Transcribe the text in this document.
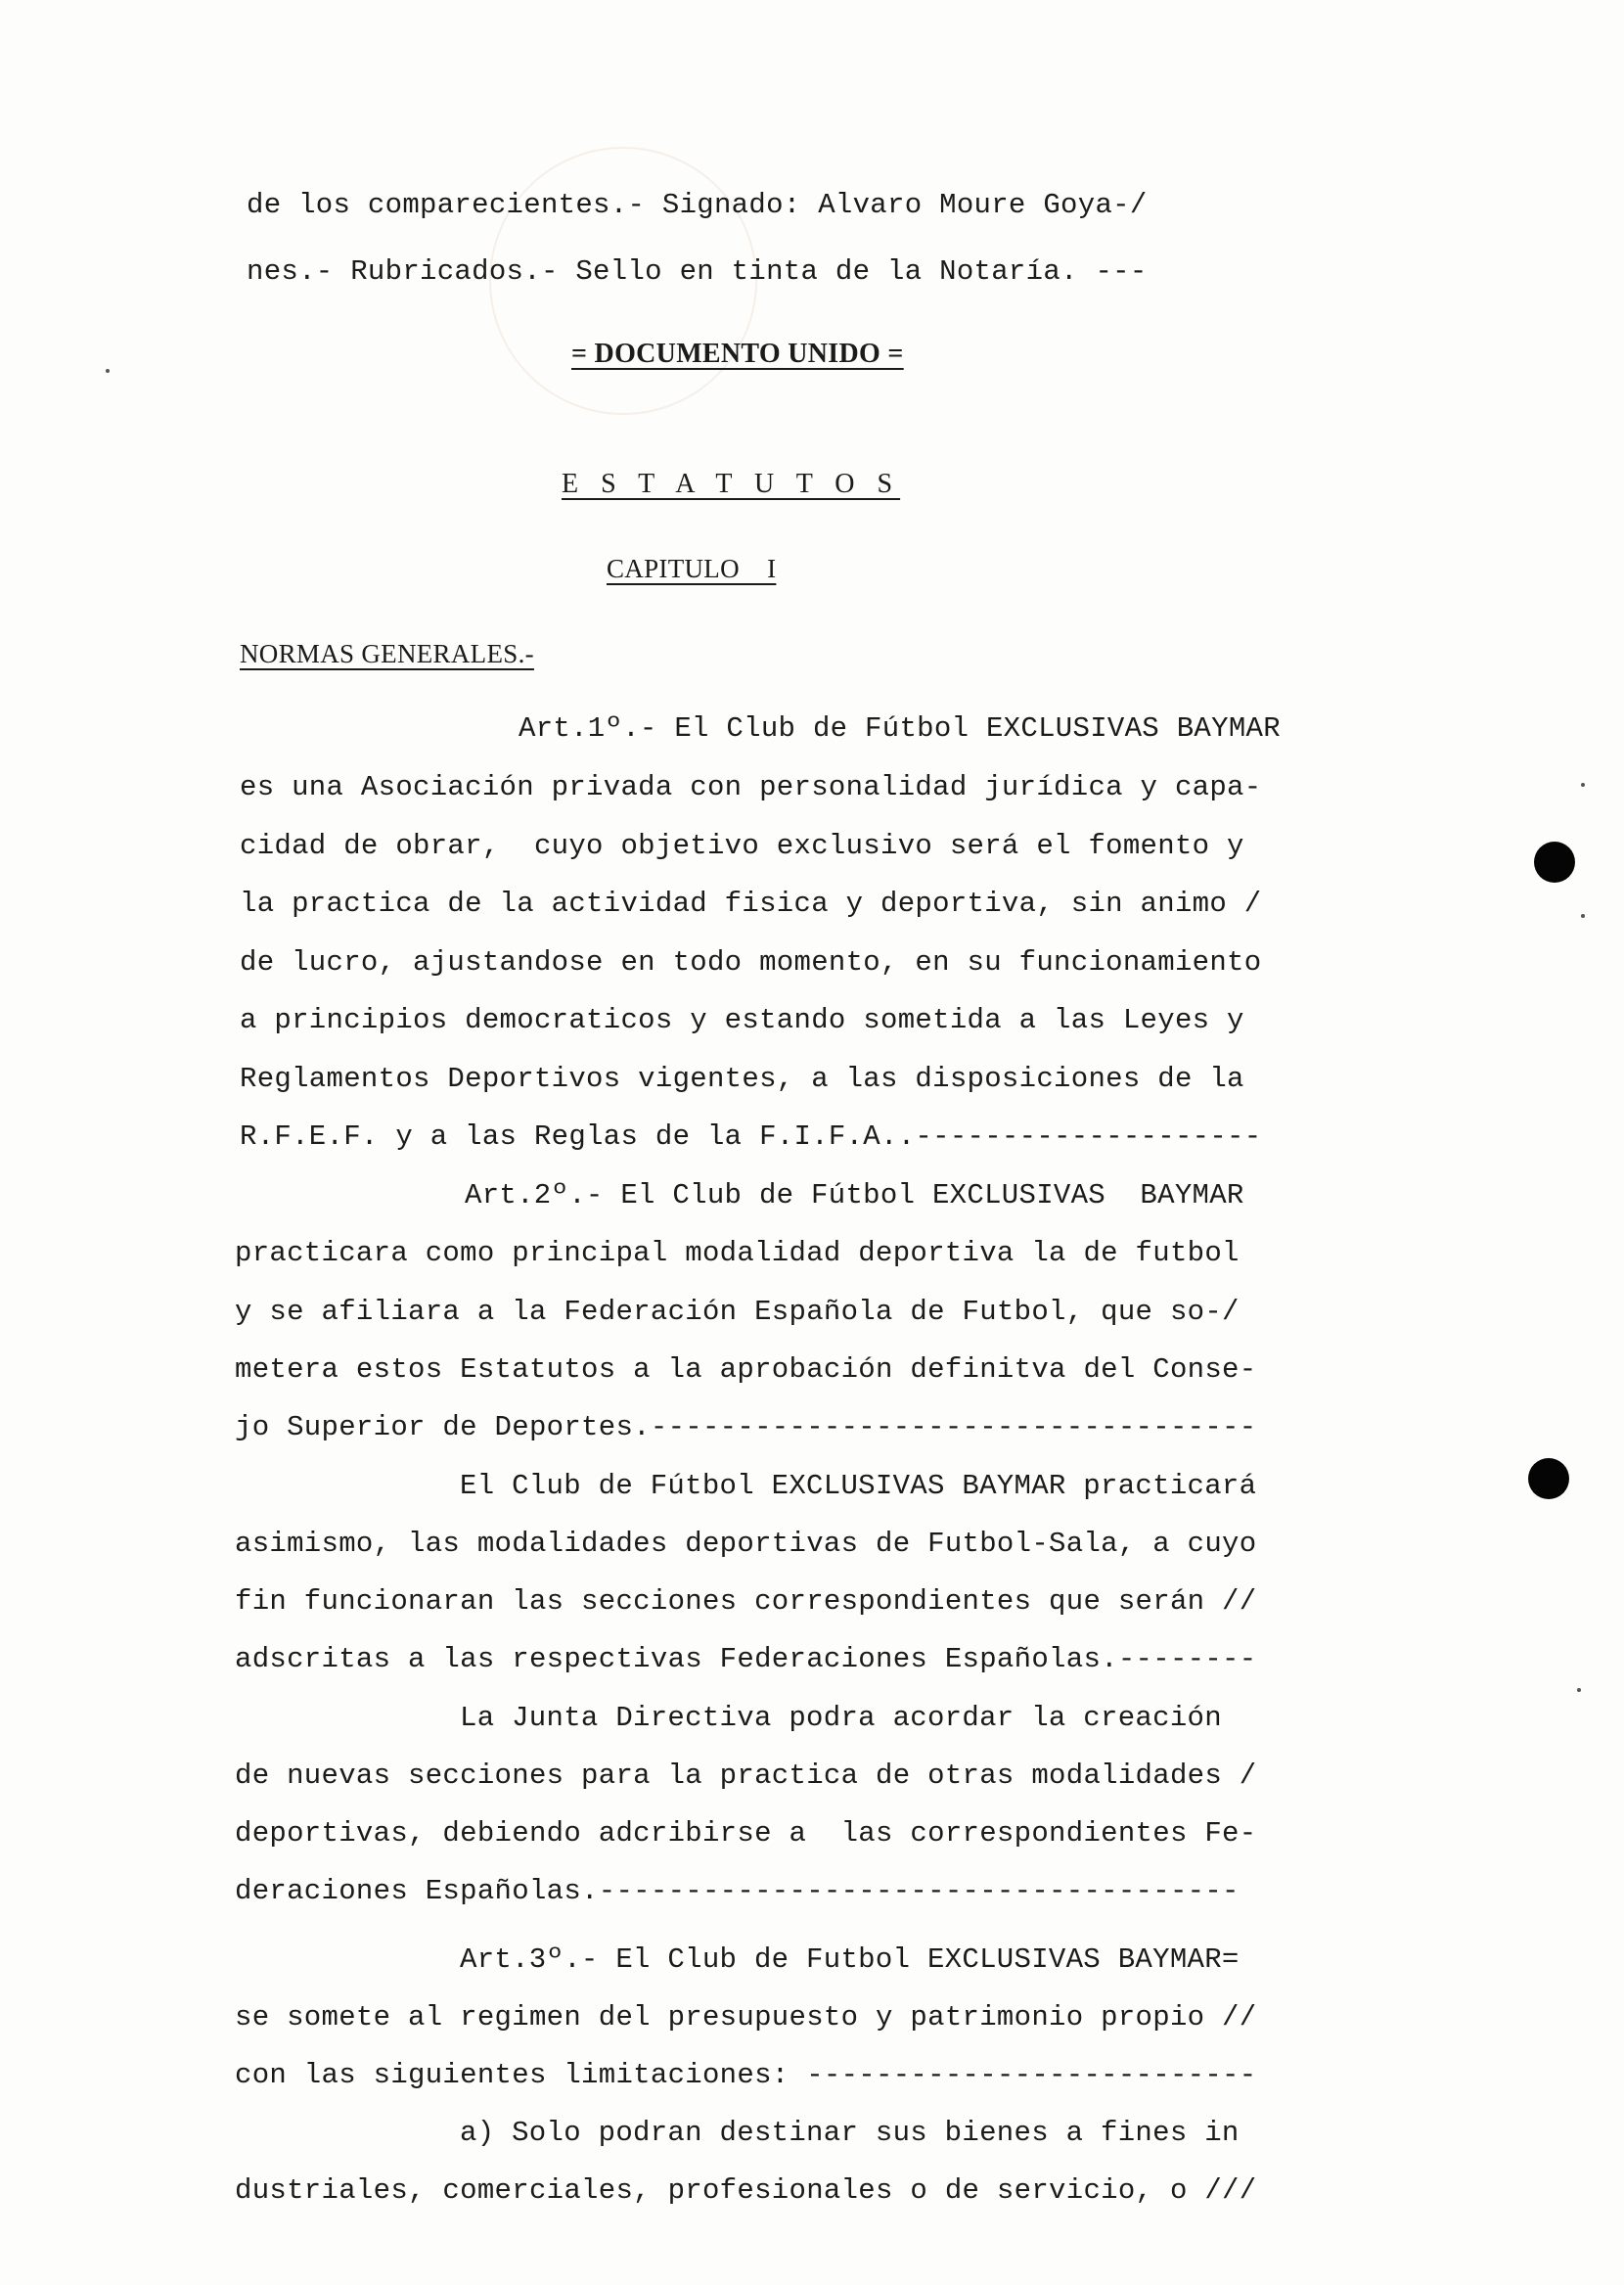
de los comparecientes.- Signado: Alvaro Moure Goya-/
nes.- Rubricados.- Sello en tinta de la Notaría. ---
= DOCUMENTO UNIDO =
E S T A T U T O S
CAPITULO    I
NORMAS GENERALES.-
Art.1º.- El Club de Fútbol EXCLUSIVAS BAYMAR
es una Asociación privada con personalidad jurídica y capa-
cidad de obrar,  cuyo objetivo exclusivo será el fomento y
la practica de la actividad fisica y deportiva, sin animo /
de lucro, ajustandose en todo momento, en su funcionamiento
a principios democraticos y estando sometida a las Leyes y
Reglamentos Deportivos vigentes, a las disposiciones de la
R.F.E.F. y a las Reglas de la F.I.F.A..--------------------
Art.2º.- El Club de Fútbol EXCLUSIVAS  BAYMAR
practicara como principal modalidad deportiva la de futbol
y se afiliara a la Federación Española de Futbol, que so-/
metera estos Estatutos a la aprobación definitva del Conse-
jo Superior de Deportes.-----------------------------------
El Club de Fútbol EXCLUSIVAS BAYMAR practicará
asimismo, las modalidades deportivas de Futbol-Sala, a cuyo
fin funcionaran las secciones correspondientes que serán //
adscritas a las respectivas Federaciones Españolas.--------
La Junta Directiva podra acordar la creación
de nuevas secciones para la practica de otras modalidades /
deportivas, debiendo adcribirse a  las correspondientes Fe-
deraciones Españolas.-------------------------------------
Art.3º.- El Club de Futbol EXCLUSIVAS BAYMAR=
se somete al regimen del presupuesto y patrimonio propio //
con las siguientes limitaciones: --------------------------
a) Solo podran destinar sus bienes a fines in
dustriales, comerciales, profesionales o de servicio, o ///
